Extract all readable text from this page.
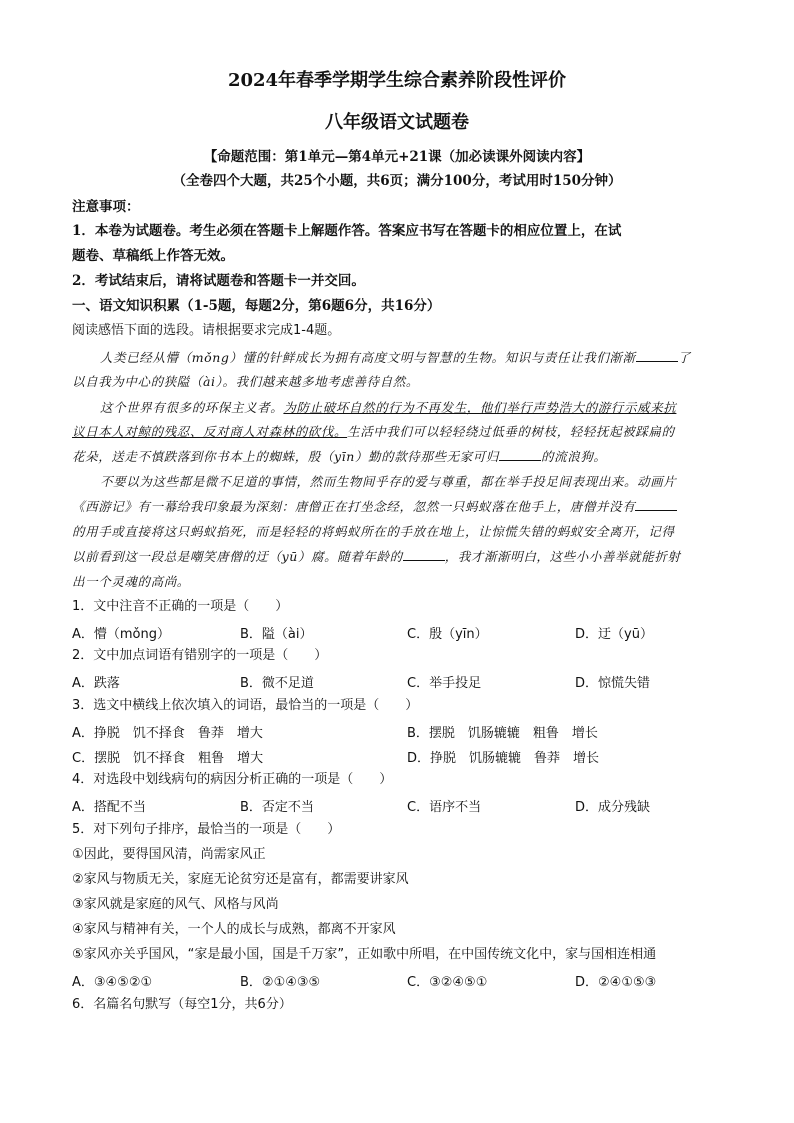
2024年春季学期学生综合素养阶段性评价
八年级语文试题卷
【命题范围：第1单元—第4单元+21课（加必读课外阅读内容】
（全卷四个大题，共25个小题，共6页；满分100分，考试用时150分钟）
注意事项：
1．本卷为试题卷。考生必须在答题卡上解题作答。答案应书写在答题卡的相应位置上，在试
题卷、草稿纸上作答无效。
2．考试结束后，请将试题卷和答题卡一并交回。
一、语文知识积累（1-5题，每题2分，第6题6分，共16分）
阅读感悟下面的选段。请根据要求完成1-4题。
人类已经从懵（mǒng）懂的针鲜成长为拥有高度文明与智慧的生物。知识与责任让我们渐渐	了
以自我为中心的狭隘（ài）。我们越来越多地考虑善待自然。
这个世界有很多的环保主义者。为防止破坏自然的行为不再发生，他们举行声势浩大的游行示威来抗
议日本人对鲸的残忍、反对商人对森林的砍伐。生活中我们可以轻轻绕过低垂的树枝，轻轻抚起被踩扁的
花朵，送走不慎跌落到你书本上的蜘蛛，殷（yīn）勤的款待那些无家可归	的流浪狗。
不要以为这些都是微不足道的事情，然而生物间乎存的爱与尊重，都在举手投足间表现出来。动画片
《西游记》有一幕给我印象最为深刻：唐僧正在打坐念经，忽然一只蚂蚁落在他手上，唐僧并没有
的用手或直接将这只蚂蚁掐死，而是轻轻的将蚂蚁所在的手放在地上，让惊慌失错的蚂蚁安全离开，记得
以前看到这一段总是嘲笑唐僧的迂（yū）腐。随着年龄的	，我才渐渐明白，这些小小善举就能折射
出一个灵魂的高尚。
1．文中注音不正确的一项是（　　）
A．懵（mǒng）	B．隘（ài）	C．殷（yīn）	D．迂（yū）
2．文中加点词语有错别字的一项是（　　）
A．跌落	B．微不足道	C．举手投足	D．惊慌失错
3．选文中横线上依次填入的词语，最恰当的一项是（　　）
A．挣脱　饥不择食　鲁莽　增大	B．摆脱　饥肠辘辘　粗鲁　增长
C．摆脱　饥不择食　粗鲁　增大	D．挣脱　饥肠辘辘　鲁莽　增长
4．对选段中划线病句的病因分析正确的一项是（　　）
A．搭配不当	B．否定不当	C．语序不当	D．成分残缺
5．对下列句子排序，最恰当的一项是（　　）
①因此，要得国风清，尚需家风正
②家风与物质无关，家庭无论贫穷还是富有，都需要讲家风
③家风就是家庭的风气、风格与风尚
④家风与精神有关，一个人的成长与成熟，都离不开家风
⑤家风亦关乎国风，“家是最小国，国是千万家”，正如歌中所唱，在中国传统文化中，家与国相连相通
A．③④⑤②①	B．②①④③⑤	C．③②④⑤①	D．②④①⑤③
6．名篇名句默写（每空1分，共6分）
